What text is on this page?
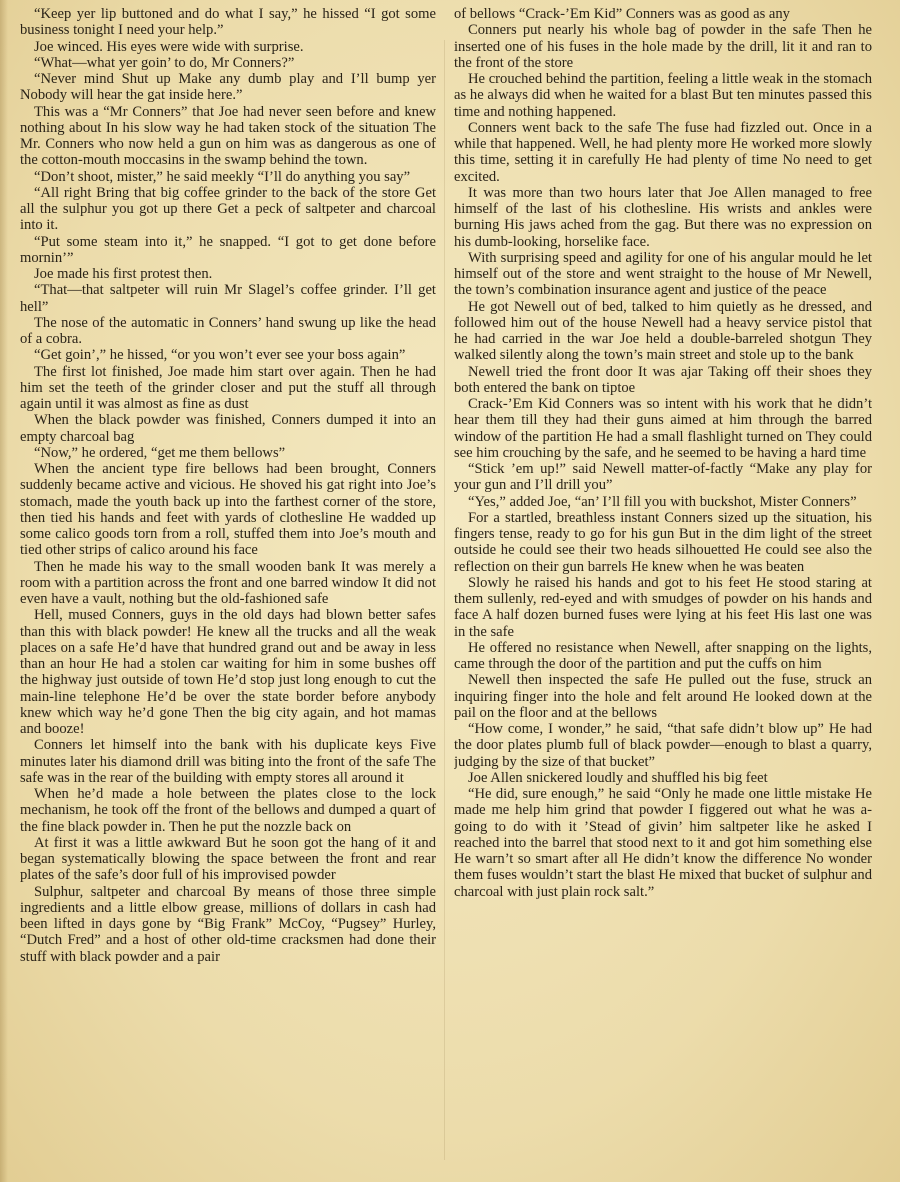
“Keep yer lip buttoned and do what I say,” he hissed “I got some business tonight I need your help.”

Joe winced. His eyes were wide with surprise.

“What—what yer goin’ to do, Mr Conners?”

“Never mind Shut up Make any dumb play and I’ll bump yer Nobody will hear the gat inside here.”

This was a “Mr Conners” that Joe had never seen before and knew nothing about In his slow way he had taken stock of the situation The Mr. Conners who now held a gun on him was as dangerous as one of the cotton-mouth moccasins in the swamp behind the town.

“Don’t shoot, mister,” he said meekly “I’ll do anything you say”

“All right Bring that big coffee grinder to the back of the store Get all the sulphur you got up there Get a peck of saltpeter and charcoal into it.

“Put some steam into it,” he snapped. “I got to get done before mornin’”

Joe made his first protest then.

“That—that saltpeter will ruin Mr Slagel’s coffee grinder. I’ll get hell”

The nose of the automatic in Conners’ hand swung up like the head of a cobra.

“Get goin’,” he hissed, “or you won’t ever see your boss again”

The first lot finished, Joe made him start over again. Then he had him set the teeth of the grinder closer and put the stuff all through again until it was almost as fine as dust

When the black powder was finished, Conners dumped it into an empty charcoal bag

“Now,” he ordered, “get me them bellows”

When the ancient type fire bellows had been brought, Conners suddenly became active and vicious. He shoved his gat right into Joe’s stomach, made the youth back up into the farthest corner of the store, then tied his hands and feet with yards of clothesline He wadded up some calico goods torn from a roll, stuffed them into Joe’s mouth and tied other strips of calico around his face

Then he made his way to the small wooden bank It was merely a room with a partition across the front and one barred window It did not even have a vault, nothing but the old-fashioned safe

Hell, mused Conners, guys in the old days had blown better safes than this with black powder! He knew all the trucks and all the weak places on a safe He’d have that hundred grand out and be away in less than an hour He had a stolen car waiting for him in some bushes off the highway just outside of town He’d stop just long enough to cut the main-line telephone He’d be over the state border before anybody knew which way he’d gone Then the big city again, and hot mamas and booze!

Conners let himself into the bank with his duplicate keys Five minutes later his diamond drill was biting into the front of the safe The safe was in the rear of the building with empty stores all around it

When he’d made a hole between the plates close to the lock mechanism, he took off the front of the bellows and dumped a quart of the fine black powder in. Then he put the nozzle back on

At first it was a little awkward But he soon got the hang of it and began systematically blowing the space between the front and rear plates of the safe’s door full of his improvised powder

Sulphur, saltpeter and charcoal By means of those three simple ingredients and a little elbow grease, millions of dollars in cash had been lifted in days gone by “Big Frank” McCoy, “Pugsey” Hurley, “Dutch Fred” and a host of other old-time cracksmen had done their stuff with black powder and a pair

of bellows “Crack-’Em Kid” Conners was as good as any

Conners put nearly his whole bag of powder in the safe Then he inserted one of his fuses in the hole made by the drill, lit it and ran to the front of the store

He crouched behind the partition, feeling a little weak in the stomach as he always did when he waited for a blast But ten minutes passed this time and nothing happened.

Conners went back to the safe The fuse had fizzled out. Once in a while that happened. Well, he had plenty more He worked more slowly this time, setting it in carefully He had plenty of time No need to get excited.

It was more than two hours later that Joe Allen managed to free himself of the last of his clothesline. His wrists and ankles were burning His jaws ached from the gag. But there was no expression on his dumb-looking, horselike face.

With surprising speed and agility for one of his angular mould he let himself out of the store and went straight to the house of Mr Newell, the town’s combination insurance agent and justice of the peace

He got Newell out of bed, talked to him quietly as he dressed, and followed him out of the house Newell had a heavy service pistol that he had carried in the war Joe held a double-barreled shotgun They walked silently along the town’s main street and stole up to the bank

Newell tried the front door It was ajar Taking off their shoes they both entered the bank on tiptoe

Crack-’Em Kid Conners was so intent with his work that he didn’t hear them till they had their guns aimed at him through the barred window of the partition He had a small flashlight turned on They could see him crouching by the safe, and he seemed to be having a hard time

“Stick ’em up!” said Newell matter-of-factly “Make any play for your gun and I’ll drill you”

“Yes,” added Joe, “an’ I’ll fill you with buckshot, Mister Conners”

For a startled, breathless instant Conners sized up the situation, his fingers tense, ready to go for his gun But in the dim light of the street outside he could see their two heads silhouetted He could see also the reflection on their gun barrels He knew when he was beaten

Slowly he raised his hands and got to his feet He stood staring at them sullenly, red-eyed and with smudges of powder on his hands and face A half dozen burned fuses were lying at his feet His last one was in the safe

He offered no resistance when Newell, after snapping on the lights, came through the door of the partition and put the cuffs on him

Newell then inspected the safe He pulled out the fuse, struck an inquiring finger into the hole and felt around He looked down at the pail on the floor and at the bellows

“How come, I wonder,” he said, “that safe didn’t blow up” He had the door plates plumb full of black powder—enough to blast a quarry, judging by the size of that bucket”

Joe Allen snickered loudly and shuffled his big feet

“He did, sure enough,” he said “Only he made one little mistake He made me help him grind that powder I figgered out what he was a-going to do with it ’Stead of givin’ him saltpeter like he asked I reached into the barrel that stood next to it and got him something else He warn’t so smart after all He didn’t know the difference No wonder them fuses wouldn’t start the blast He mixed that bucket of sulphur and charcoal with just plain rock salt.”
